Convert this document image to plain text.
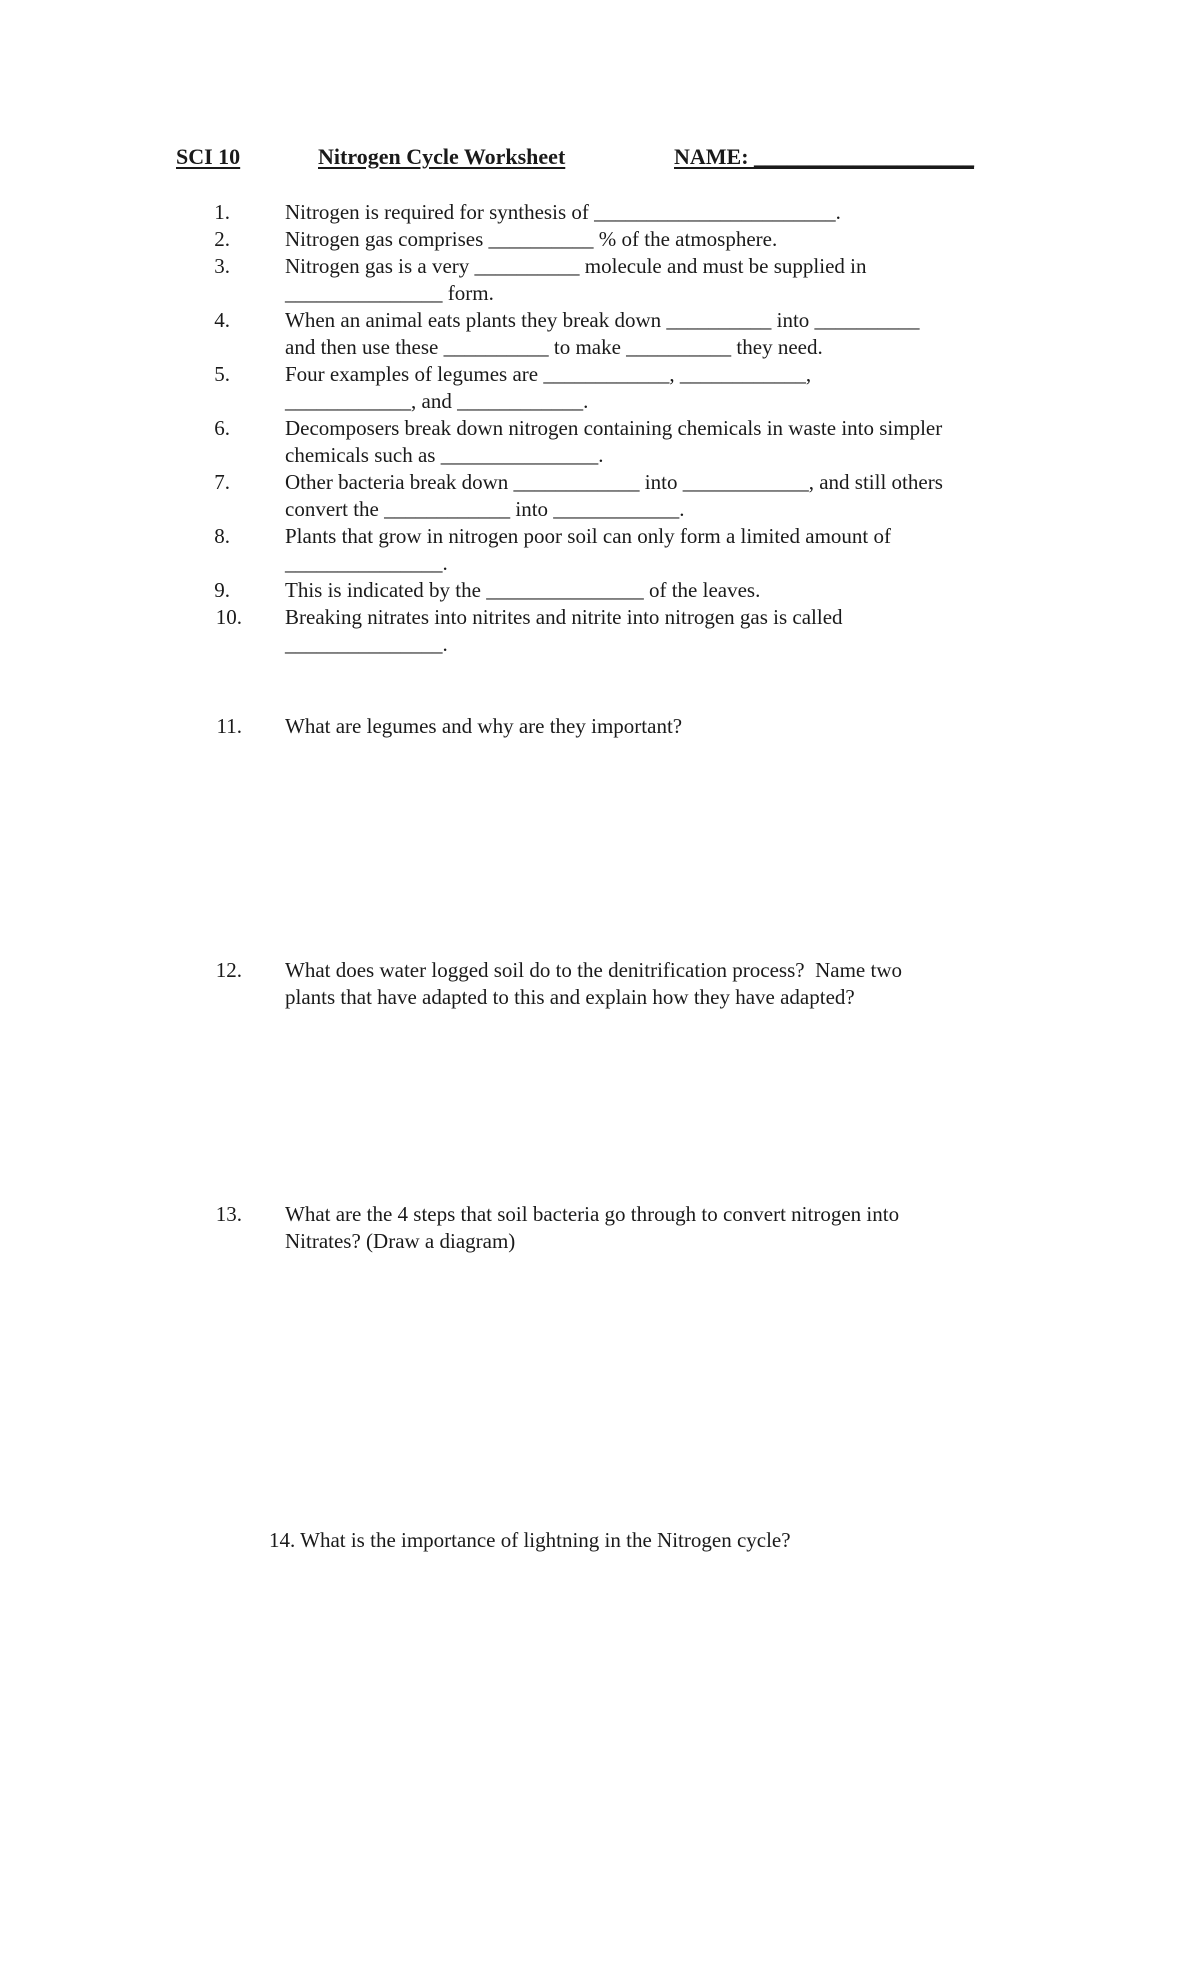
SCI 10	Nitrogen Cycle Worksheet	NAME: ____________________
1.	Nitrogen is required for synthesis of _______________________.
2.	Nitrogen gas comprises __________ % of the atmosphere.
3.	Nitrogen gas is a very __________ molecule and must be supplied in
_______________ form.
4.	When an animal eats plants they break down __________ into __________
and then use these __________ to make __________ they need.
5.	Four examples of legumes are ____________, ____________,
____________, and ____________.
6.	Decomposers break down nitrogen containing chemicals in waste into simpler
chemicals such as _______________.
7.	Other bacteria break down ____________ into ____________, and still others
convert the ____________ into ____________.
8.	Plants that grow in nitrogen poor soil can only form a limited amount of
_______________.
9.	This is indicated by the _______________ of the leaves.
10. Breaking nitrates into nitrites and nitrite into nitrogen gas is called
_______________.
11. What are legumes and why are they important?
12. What does water logged soil do to the denitrification process?  Name two
plants that have adapted to this and explain how they have adapted?
13. What are the 4 steps that soil bacteria go through to convert nitrogen into
Nitrates? (Draw a diagram)

14. What is the importance of lightning in the Nitrogen cycle?
